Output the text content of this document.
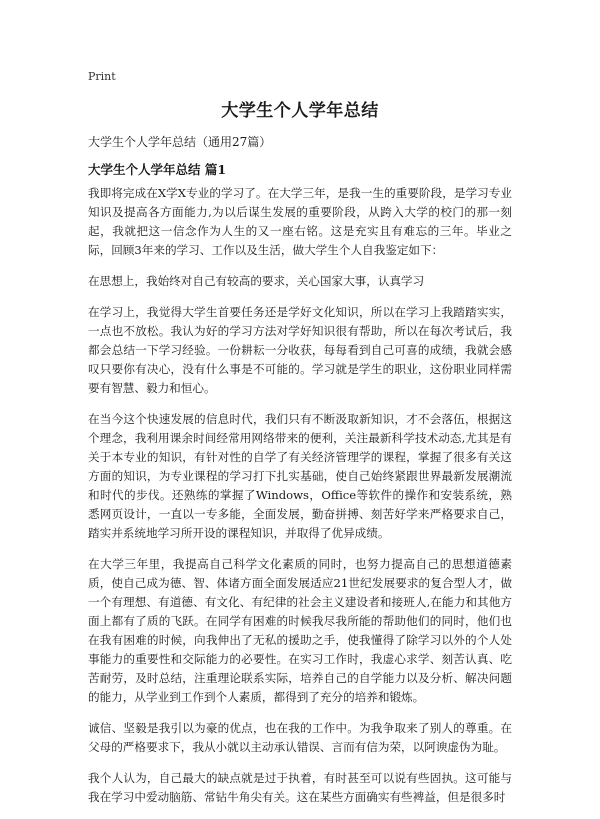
Print
大学生个人学年总结
大学生个人学年总结（通用27篇）
大学生个人学年总结 篇1

我即将完成在X学X专业的学习了。在大学三年，是我一生的重要阶段，是学习专业知识及提高各方面能力,为以后谋生发展的重要阶段，从跨入大学的校门的那一刻起，我就把这一信念作为人生的又一座右铭。这是充实且有难忘的三年。毕业之际，回顾3年来的学习、工作以及生活，做大学生个人自我鉴定如下：

在思想上，我始终对自己有较高的要求，关心国家大事，认真学习

在学习上，我觉得大学生首要任务还是学好文化知识，所以在学习上我踏踏实实，一点也不放松。我认为好的学习方法对学好知识很有帮助，所以在每次考试后，我都会总结一下学习经验。一份耕耘一分收获，每每看到自己可喜的成绩，我就会感叹只要你有决心，没有什么事是不可能的。学习就是学生的职业，这份职业同样需要有智慧、毅力和恒心。

在当今这个快速发展的信息时代，我们只有不断汲取新知识，才不会落伍，根据这个理念，我利用课余时间经常用网络带来的便利，关注最新科学技术动态,尤其是有关于本专业的知识，有针对性的自学了有关经济管理学的课程，掌握了很多有关这方面的知识，为专业课程的学习打下扎实基础，使自己始终紧跟世界最新发展潮流和时代的步伐。还熟练的掌握了Windows，Office等软件的操作和安装系统，熟悉网页设计，一直以一专多能，全面发展，勤奋拼搏、刻苦好学来严格要求自己，踏实并系统地学习所开设的课程知识，并取得了优异成绩。

在大学三年里，我提高自己科学文化素质的同时，也努力提高自己的思想道德素质，使自己成为德、智、体诸方面全面发展适应21世纪发展要求的复合型人才，做一个有理想、有道德、有文化、有纪律的社会主义建设者和接班人,在能力和其他方面上都有了质的飞跃。在同学有困难的时候我尽我所能的帮助他们的同时，他们也在我有困难的时候，向我伸出了无私的援助之手，使我懂得了除学习以外的个人处事能力的重要性和交际能力的必要性。在实习工作时，我虚心求学、刻苦认真、吃苦耐劳，及时总结，注重理论联系实际，培养自己的自学能力以及分析、解决问题的能力，从学业到工作到个人素质，都得到了充分的培养和锻炼。

诚信、坚毅是我引以为豪的优点，也在我的工作中。为我争取来了别人的尊重。在父母的严格要求下，我从小就以主动承认错误、言而有信为荣，以阿谀虚伪为耻。

我个人认为，自己最大的缺点就是过于执着，有时甚至可以说有些固执。这可能与我在学习中爱动脑筋、常钻牛角尖有关。这在某些方面确实有些裨益，但是很多时
